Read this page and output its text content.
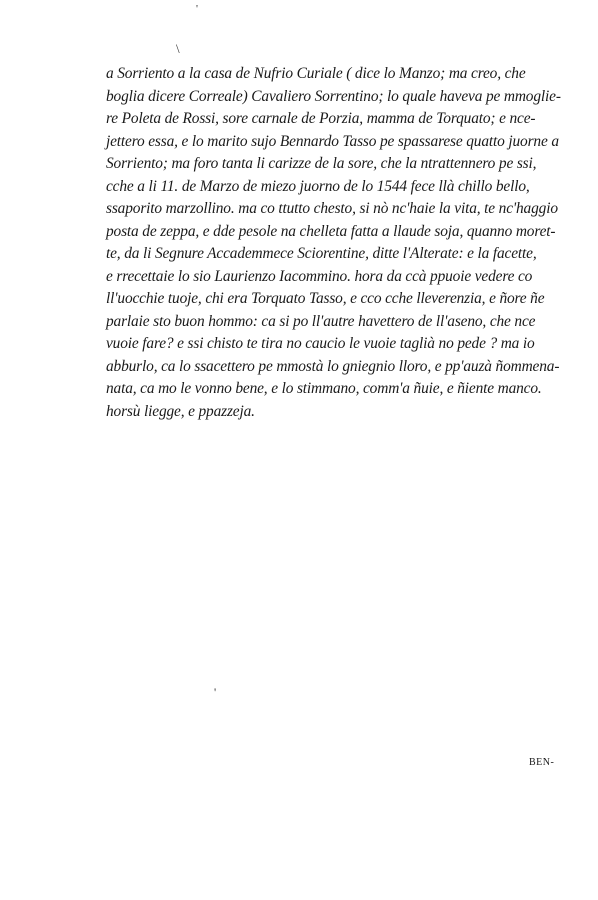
'
\
'
a Sorriento a la casa de Nufrio Curiale ( dice lo Manzo; ma creo, che
boglia dicere Correale) Cavaliero Sorrentino; lo quale haveva pe mmoglie-
re Poleta de Rossi, sore carnale de Porzia, mamma de Torquato; e nce-
jettero essa, e lo marito sujo Bennardo Tasso pe spassarese quatto juorne a
Sorriento; ma foro tanta li carizze de la sore, che la ntrattennero pe ssi,
cche a li 11. de Marzo de miezo juorno de lo 1544 fece llà chillo bello,
ssaporito marzollino. ma co ttutto chesto, si nò nc'haie la vita, te nc'haggio
posta de zeppa, e dde pesole na chelleta fatta a llaude soja, quanno moret-
te, da li Segnure Accademmece Sciorentine, ditte l'Alterate: e la facette,
e rrecettaie lo sio Laurienzo Iacommino. hora da ccà ppuoie vedere co
ll'uocchie tuoje, chi era Torquato Tasso, e cco cche lleverenzia, e ñore ñe
parlaie sto buon hommo: ca si po ll'autre havettero de ll'aseno, che nce
vuoie fare? e ssi chisto te tira no caucio le vuoie taglià no pede ? ma io
abburlo, ca lo ssacettero pe mmostà lo gniegnio lloro, e pp'auzà ñommena-
nata, ca mo le vonno bene, e lo stimmano, comm'a ñuie, e ñiente manco.
horsù liegge, e ppazzeja.
BEN-
